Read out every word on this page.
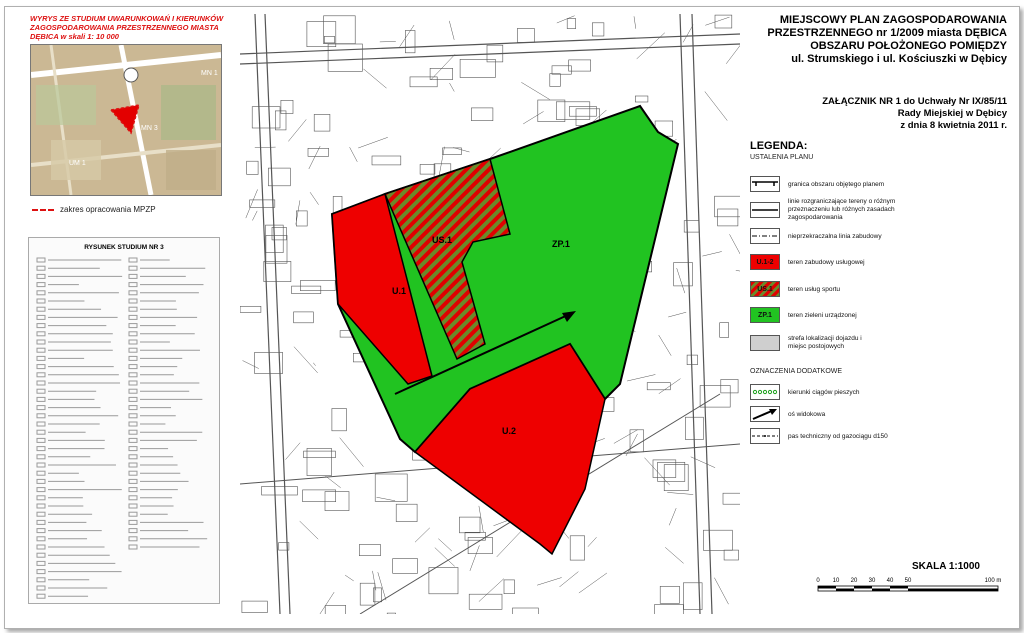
WYRYS ZE STUDIUM UWARUNKOWAŃ I KIERUNKÓW ZAGOSPODAROWANIA PRZESTRZENNEGO MIASTA DĘBICA w skali 1: 10 000
MN 1
MN 3
UM 1
zakres opracowania MPZP
RYSUNEK STUDIUM NR 3
U.1
US.1	ZP.1
U.2
MIEJSCOWY PLAN ZAGOSPODAROWANIA
PRZESTRZENNEGO nr 1/2009 miasta DĘBICA
OBSZARU POŁOŻONEGO POMIĘDZY
ul. Strumskiego i ul. Kościuszki w Dębicy
ZAŁĄCZNIK NR 1 do Uchwały Nr IX/85/11
Rady Miejskiej w Dębicy
z dnia 8 kwietnia 2011 r.
LEGENDA:
USTALENIA PLANU
granica obszaru objętego planem
linie rozgraniczające tereny o różnym przeznaczeniu lub różnych zasadach zagospodarowania
nieprzekraczalna linia zabudowy
U.1-2	teren zabudowy usługowej
US.1	teren usług sportu
ZP.1	teren zieleni urządzonej
strefa lokalizacji dojazdu i miejsc postojowych
OZNACZENIA DODATKOWE
kierunki ciągów pieszych
oś widokowa
pas techniczny od gazociągu d150
SKALA 1:1000
0 10 20 30 40 50	100 m
